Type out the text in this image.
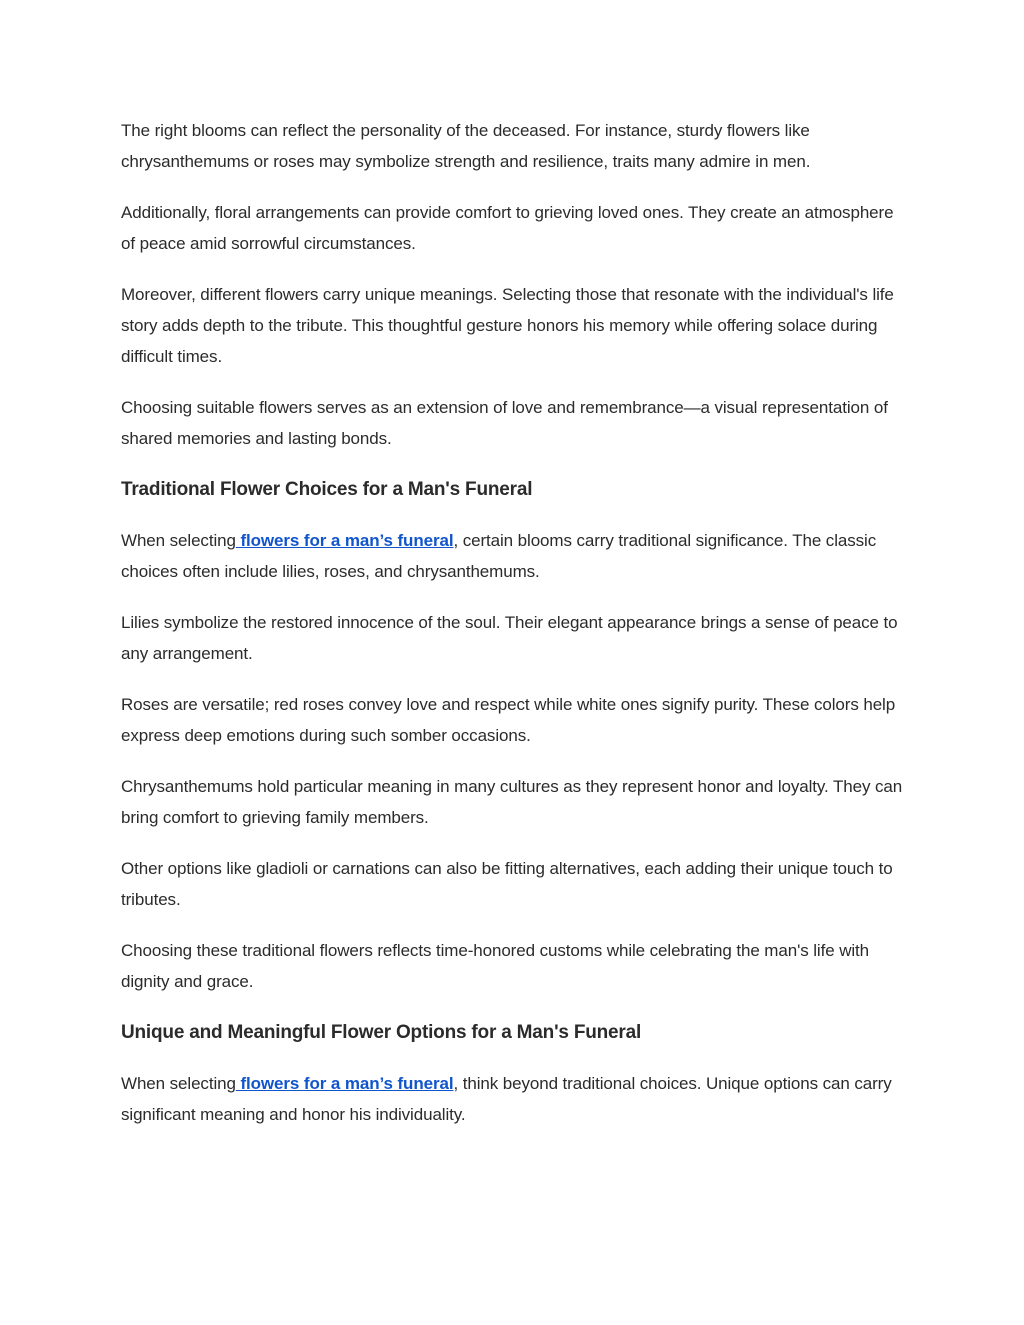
The right blooms can reflect the personality of the deceased. For instance, sturdy flowers like chrysanthemums or roses may symbolize strength and resilience, traits many admire in men.

Additionally, floral arrangements can provide comfort to grieving loved ones. They create an atmosphere of peace amid sorrowful circumstances.

Moreover, different flowers carry unique meanings. Selecting those that resonate with the individual's life story adds depth to the tribute. This thoughtful gesture honors his memory while offering solace during difficult times.

Choosing suitable flowers serves as an extension of love and remembrance—a visual representation of shared memories and lasting bonds.

Traditional Flower Choices for a Man's Funeral

When selecting flowers for a man’s funeral, certain blooms carry traditional significance. The classic choices often include lilies, roses, and chrysanthemums.

Lilies symbolize the restored innocence of the soul. Their elegant appearance brings a sense of peace to any arrangement.

Roses are versatile; red roses convey love and respect while white ones signify purity. These colors help express deep emotions during such somber occasions.

Chrysanthemums hold particular meaning in many cultures as they represent honor and loyalty. They can bring comfort to grieving family members.

Other options like gladioli or carnations can also be fitting alternatives, each adding their unique touch to tributes.

Choosing these traditional flowers reflects time-honored customs while celebrating the man's life with dignity and grace.

Unique and Meaningful Flower Options for a Man's Funeral

When selecting flowers for a man’s funeral, think beyond traditional choices. Unique options can carry significant meaning and honor his individuality.
